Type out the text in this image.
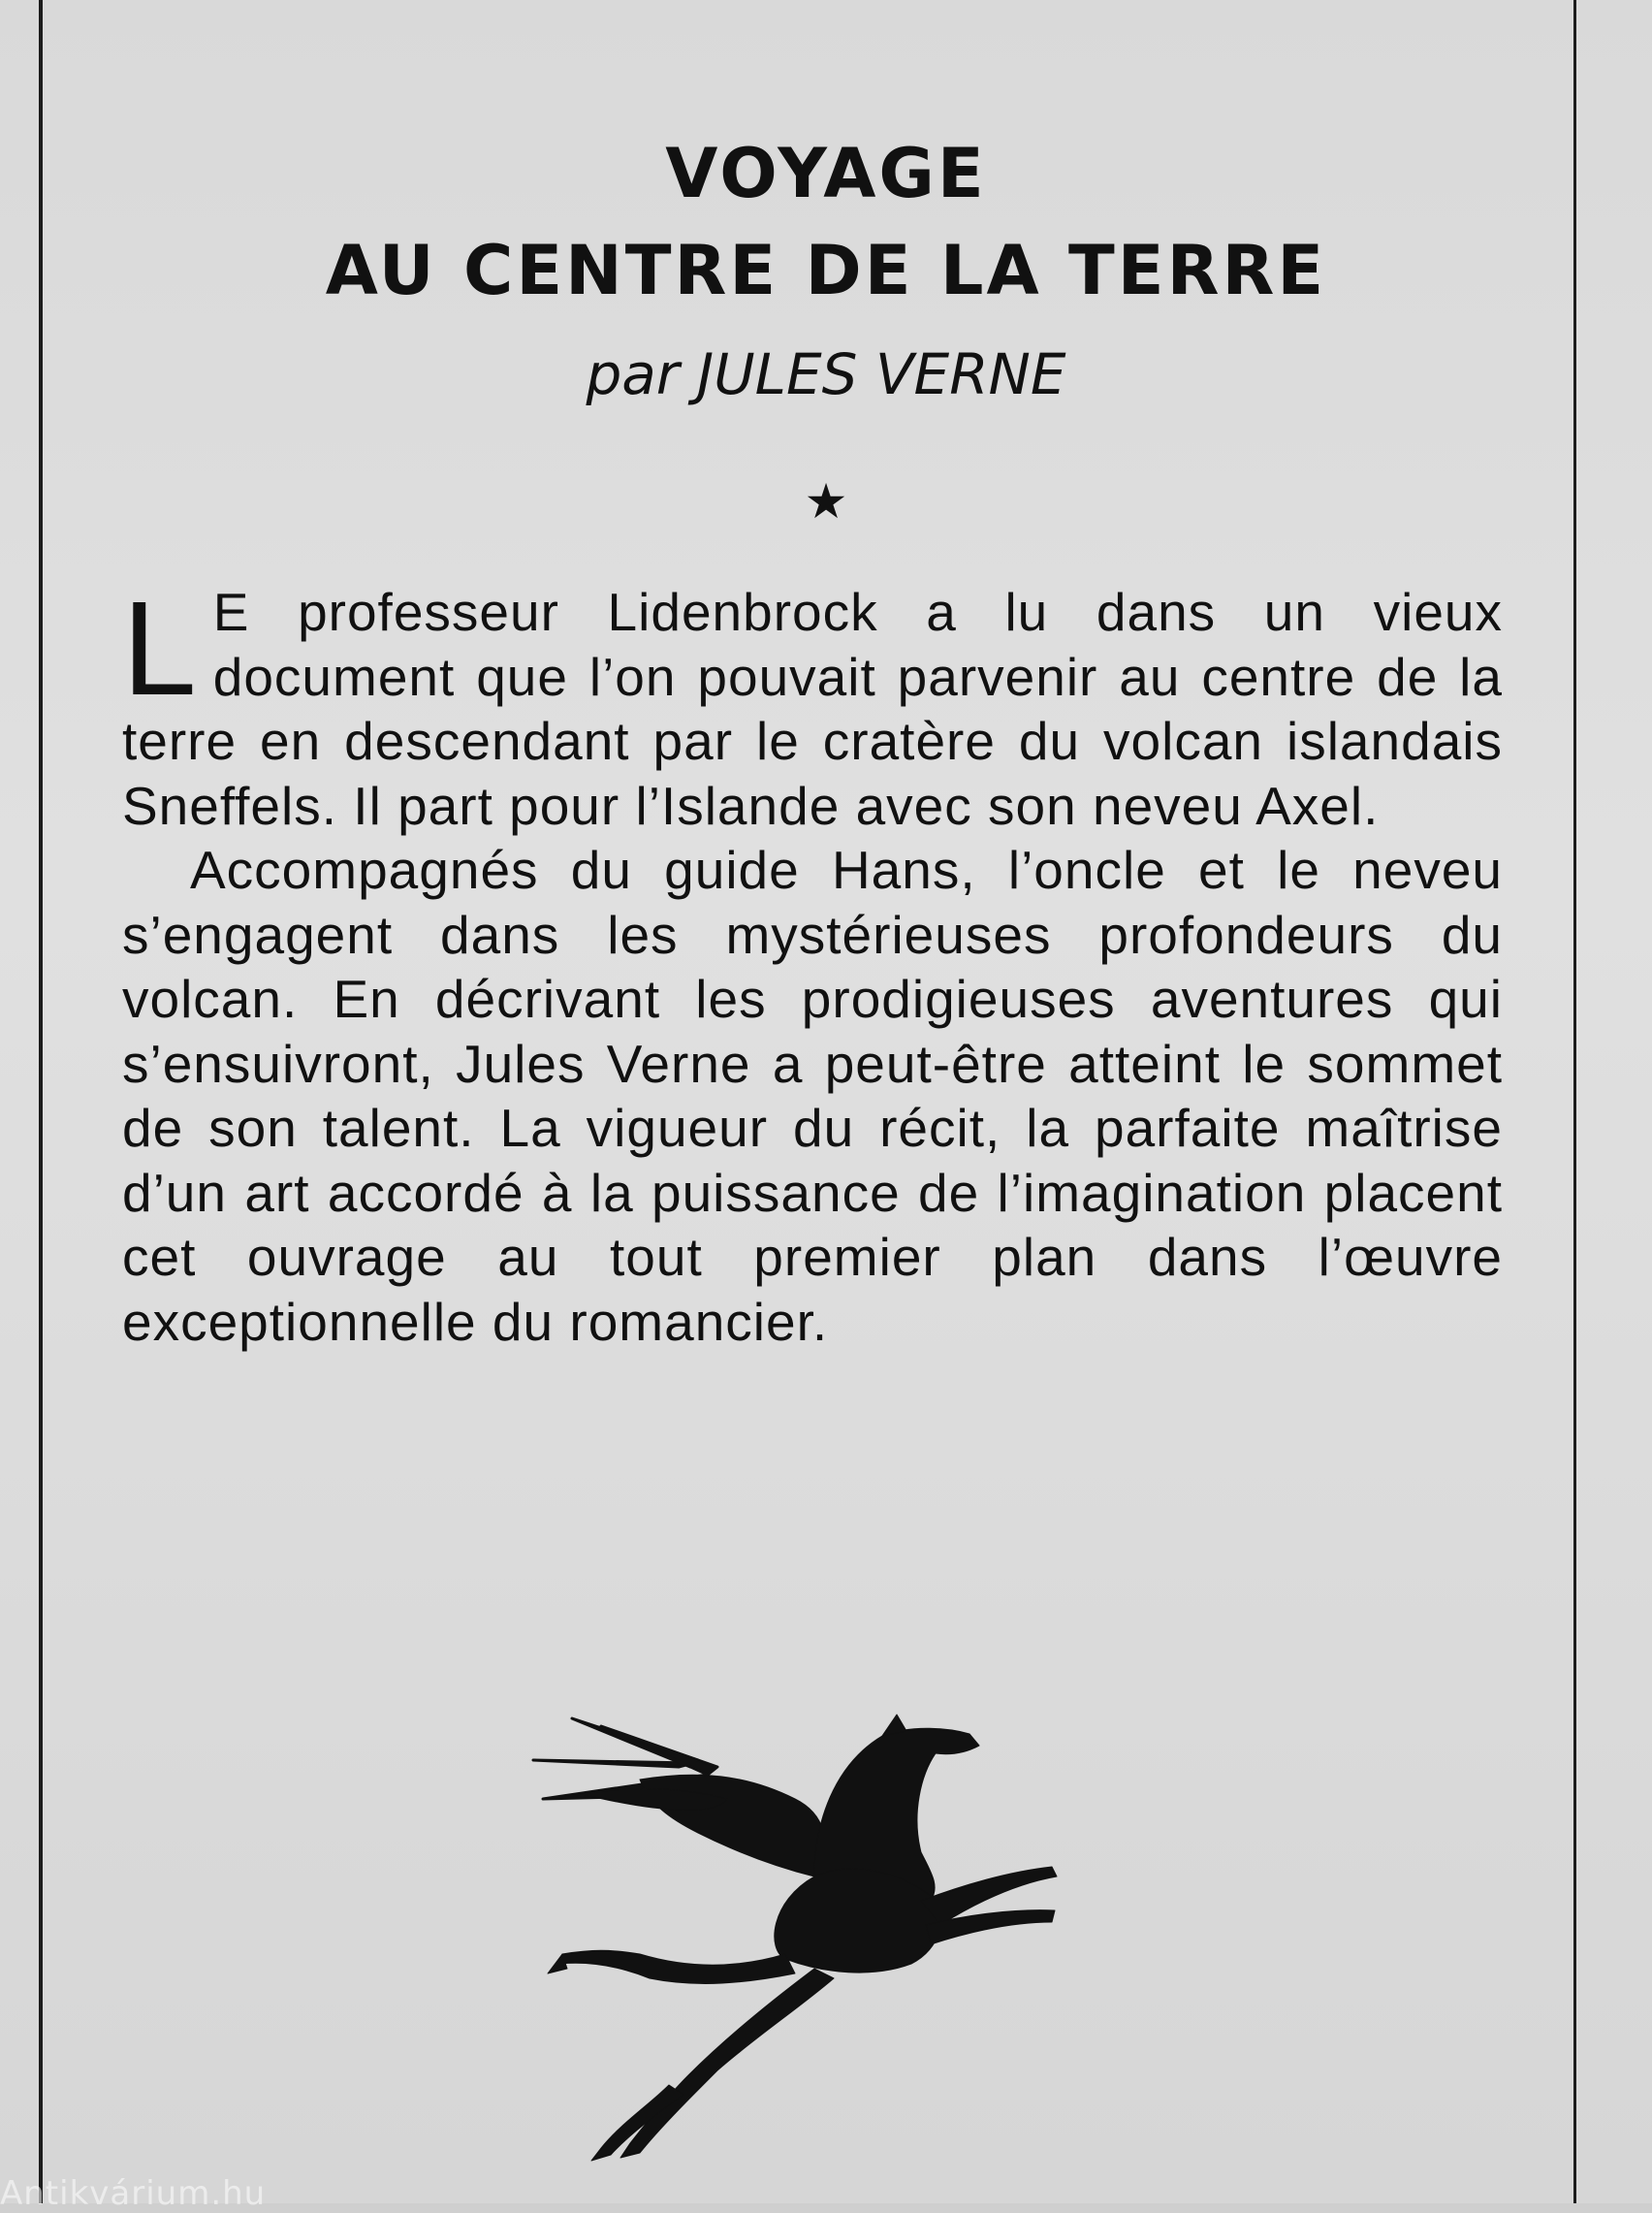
VOYAGE
AU CENTRE DE LA TERRE
par JULES VERNE
★

L E professeur Lidenbrock a lu dans un vieux document que l’on pouvait parvenir au centre de la terre en descendant par le cratère du volcan islandais Sneffels. Il part pour l’Islande avec son neveu Axel.

Accompagnés du guide Hans, l’oncle et le neveu s’engagent dans les mystérieuses profondeurs du volcan. En décrivant les prodigieuses aventures qui s’ensuivront, Jules Verne a peut-être atteint le sommet de son talent. La vigueur du récit, la parfaite maîtrise d’un art accordé à la puissance de l’imagination placent cet ouvrage au tout premier plan dans l’œuvre exceptionnelle du romancier.

Antikvárium.hu
